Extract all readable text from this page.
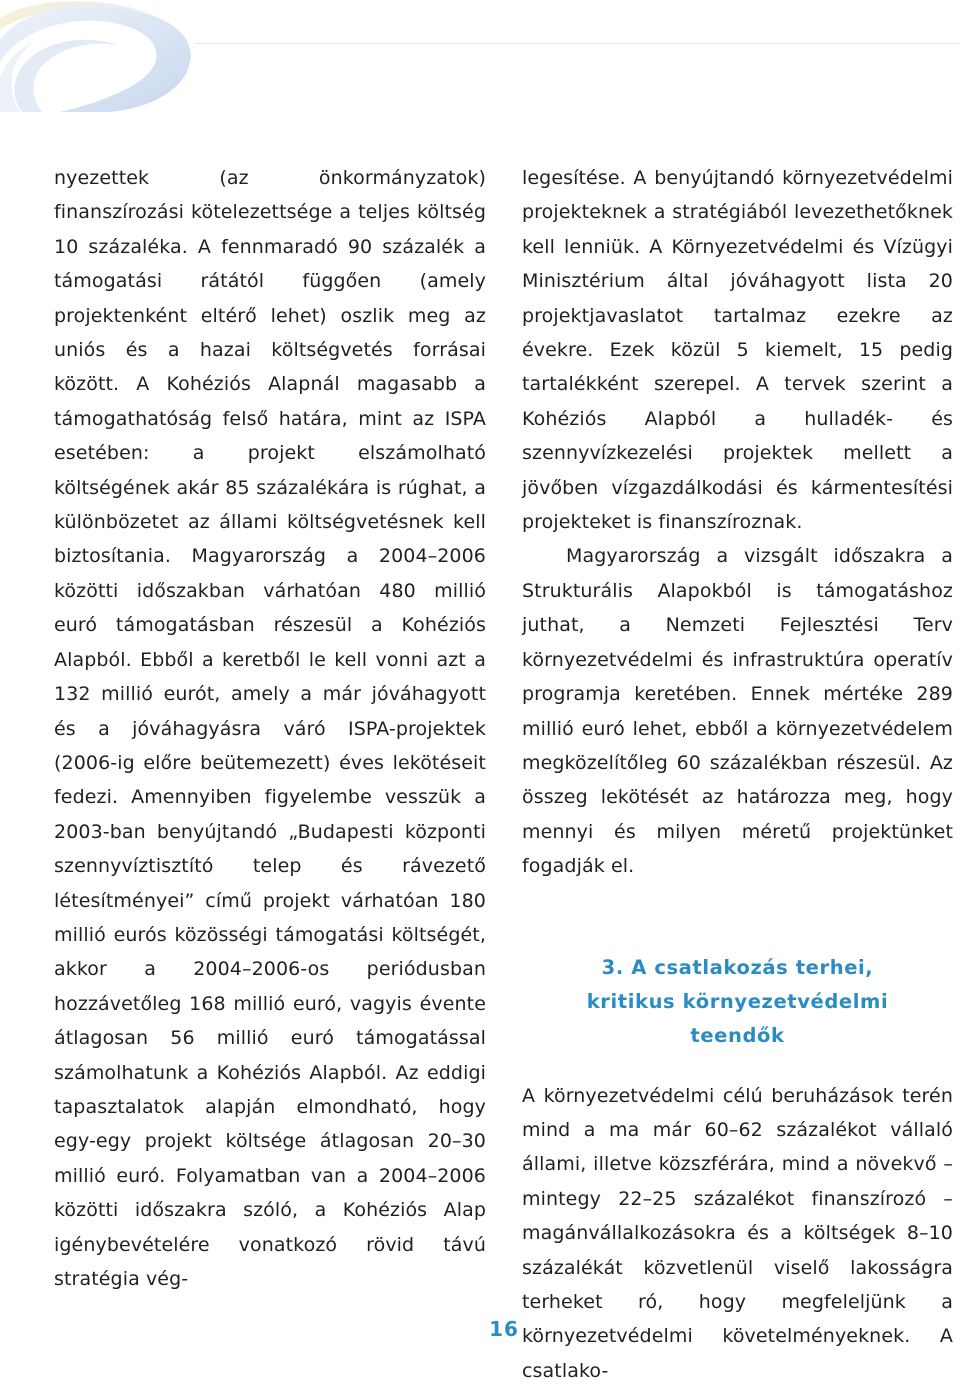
nyezettek (az önkormányzatok) finanszírozási kötelezettsége a teljes költség 10 százaléka. A fennmaradó 90 százalék a támogatási rátától függően (amely projektenként eltérő lehet) oszlik meg az uniós és a hazai költségvetés forrásai között. A Kohéziós Alapnál magasabb a támogathatóság felső határa, mint az ISPA esetében: a projekt elszámolható költségének akár 85 százalékára is rúghat, a különbözetet az állami költségvetésnek kell biztosítania. Magyarország a 2004–2006 közötti időszakban várhatóan 480 millió euró támogatásban részesül a Kohéziós Alapból. Ebből a keretből le kell vonni azt a 132 millió eurót, amely a már jóváhagyott és a jóváhagyásra váró ISPA-projektek (2006-ig előre beütemezett) éves lekötéseit fedezi. Amennyiben figyelembe vesszük a 2003-ban benyújtandó „Budapesti központi szennyvíztisztító telep és rávezető létesítményei” című projekt várhatóan 180 millió eurós közösségi támogatási költségét, akkor a 2004–2006-os periódusban hozzávetőleg 168 millió euró, vagyis évente átlagosan 56 millió euró támogatással számolhatunk a Kohéziós Alapból. Az eddigi tapasztalatok alapján elmondható, hogy egy-egy projekt költsége átlagosan 20–30 millió euró. Folyamatban van a 2004–2006 közötti időszakra szóló, a Kohéziós Alap igénybevételére vonatkozó rövid távú stratégia vég-

legesítése. A benyújtandó környezetvédelmi projekteknek a stratégiából levezethetőknek kell lenniük. A Környezetvédelmi és Vízügyi Minisztérium által jóváhagyott lista 20 projektjavaslatot tartalmaz ezekre az évekre. Ezek közül 5 kiemelt, 15 pedig tartalékként szerepel. A tervek szerint a Kohéziós Alapból a hulladék- és szennyvízkezelési projektek mellett a jövőben vízgazdálkodási és kármentesítési projekteket is finanszíroznak.

Magyarország a vizsgált időszakra a Strukturális Alapokból is támogatáshoz juthat, a Nemzeti Fejlesztési Terv környezetvédelmi és infrastruktúra operatív programja keretében. Ennek mértéke 289 millió euró lehet, ebből a környezetvédelem megközelítőleg 60 százalékban részesül. Az összeg lekötését az határozza meg, hogy mennyi és milyen méretű projektünket fogadják el.

3. A csatlakozás terhei,
kritikus környezetvédelmi
teendők

A környezetvédelmi célú beruházások terén mind a ma már 60–62 százalékot vállaló állami, illetve közszférára, mind a növekvő – mintegy 22–25 százalékot finanszírozó – magánvállalkozásokra és a költségek 8–10 százalékát közvetlenül viselő lakosságra terheket ró, hogy megfeleljünk a környezetvédelmi követelményeknek. A csatlako-

16
